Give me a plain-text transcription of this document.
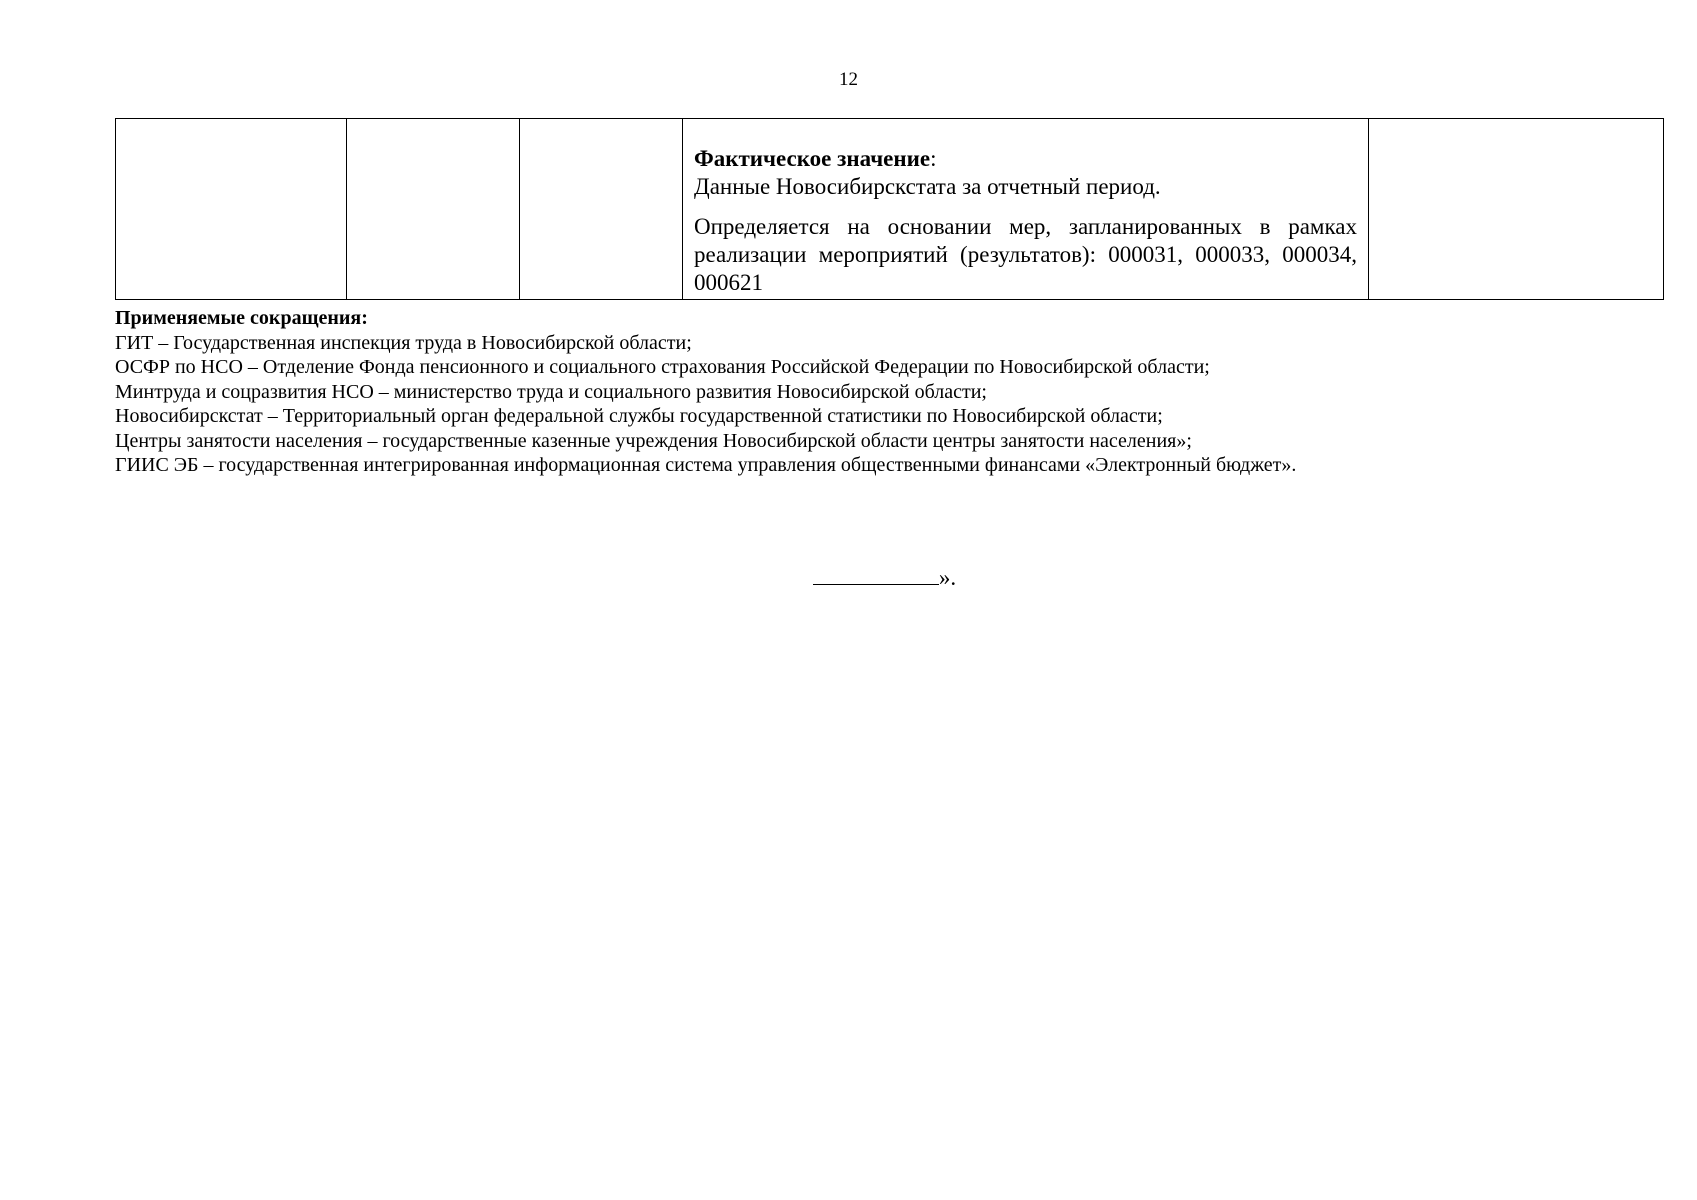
12

Фактическое значение:
Данные Новосибирскстата за отчетный период.
Определяется на основании мер, запланированных в рамках реализации мероприятий (результатов): 000031, 000033, 000034, 000621

Применяемые сокращения:
ГИТ – Государственная инспекция труда в Новосибирской области;
ОСФР по НСО – Отделение Фонда пенсионного и социального страхования Российской Федерации по Новосибирской области;
Минтруда и соцразвития НСО – министерство труда и социального развития Новосибирской области;
Новосибирскстат – Территориальный орган федеральной службы государственной статистики по Новосибирской области;
Центры занятости населения – государственные казенные учреждения Новосибирской области центры занятости населения»;
ГИИС ЭБ – государственная интегрированная информационная система управления общественными финансами «Электронный бюджет».
».
